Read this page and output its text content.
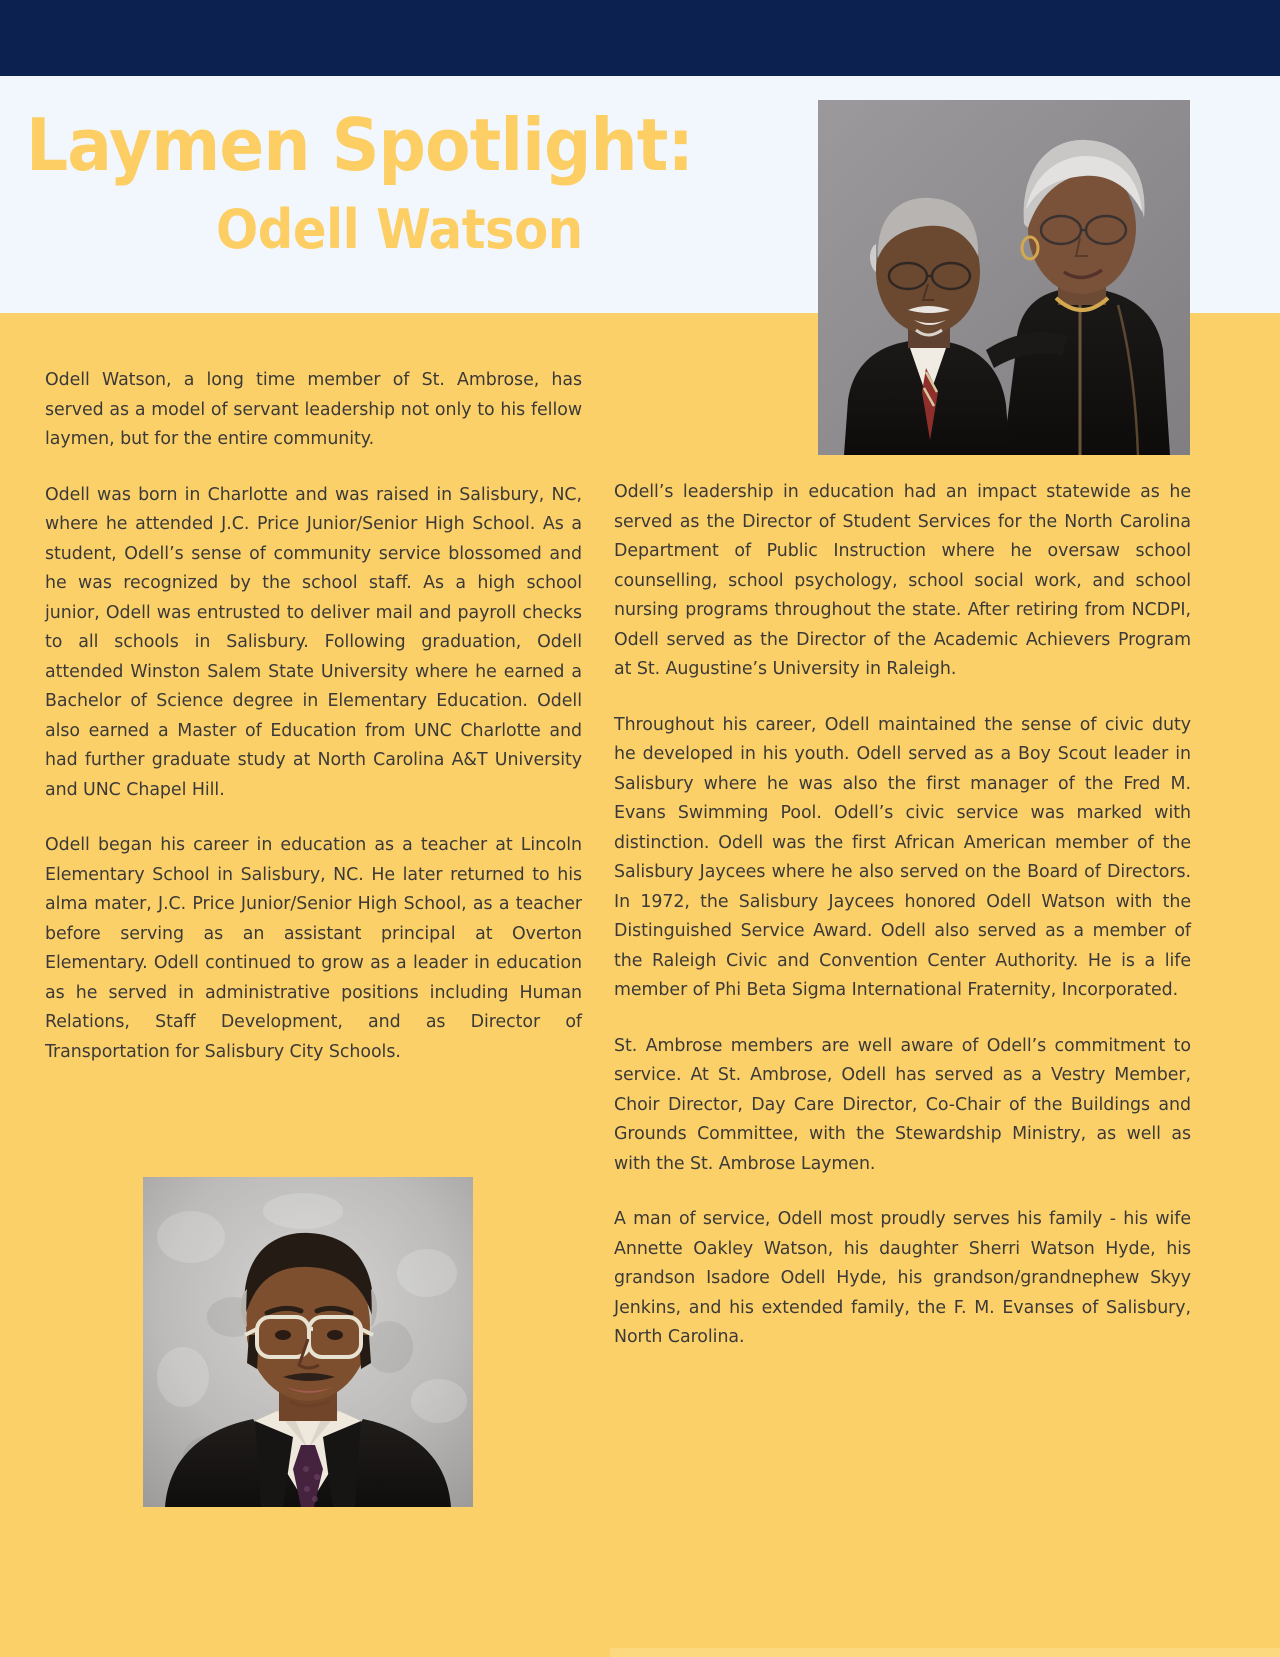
Laymen Spotlight:
Odell Watson

Odell Watson, a long time member of St. Ambrose, has served as a model of servant leadership not only to his fellow laymen, but for the entire community.

Odell was born in Charlotte and was raised in Salisbury, NC, where he attended J.C. Price Junior/Senior High School. As a student, Odell’s sense of community service blossomed and he was recognized by the school staff. As a high school junior, Odell was entrusted to deliver mail and payroll checks to all schools in Salisbury. Following graduation, Odell attended Winston Salem State University where he earned a Bachelor of Science degree in Elementary Education. Odell also earned a Master of Education from UNC Charlotte and had further graduate study at North Carolina A&T University and UNC Chapel Hill.

Odell began his career in education as a teacher at Lincoln Elementary School in Salisbury, NC. He later returned to his alma mater, J.C. Price Junior/Senior High School, as a teacher before serving as an assistant principal at Overton Elementary. Odell continued to grow as a leader in education as he served in administrative positions including Human Relations, Staff Development, and as Director of Transportation for Salisbury City Schools.

Odell’s leadership in education had an impact statewide as he served as the Director of Student Services for the North Carolina Department of Public Instruction where he oversaw school counselling, school psychology, school social work, and school nursing programs throughout the state. After retiring from NCDPI, Odell served as the Director of the Academic Achievers Program at St. Augustine’s University in Raleigh.

Throughout his career, Odell maintained the sense of civic duty he developed in his youth. Odell served as a Boy Scout leader in Salisbury where he was also the first manager of the Fred M. Evans Swimming Pool. Odell’s civic service was marked with distinction. Odell was the first African American member of the Salisbury Jaycees where he also served on the Board of Directors. In 1972, the Salisbury Jaycees honored Odell Watson with the Distinguished Service Award. Odell also served as a member of the Raleigh Civic and Convention Center Authority. He is a life member of Phi Beta Sigma International Fraternity, Incorporated.

St. Ambrose members are well aware of Odell’s commitment to service. At St. Ambrose, Odell has served as a Vestry Member, Choir Director, Day Care Director, Co-Chair of the Buildings and Grounds Committee, with the Stewardship Ministry, as well as with the St. Ambrose Laymen.

A man of service, Odell most proudly serves his family - his wife Annette Oakley Watson, his daughter Sherri Watson Hyde, his grandson Isadore Odell Hyde, his grandson/grandnephew Skyy Jenkins, and his extended family, the F. M. Evanses of Salisbury, North Carolina.
